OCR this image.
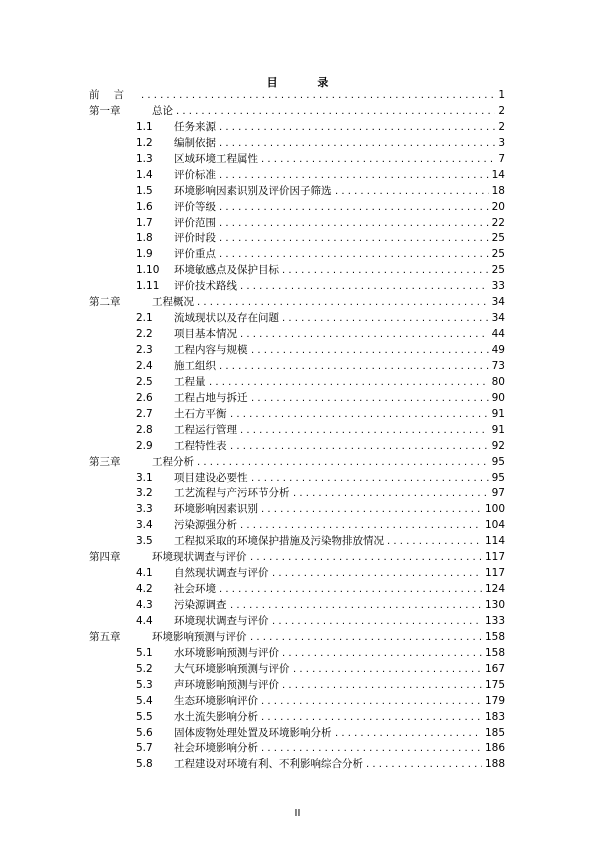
目 录
前言 . . .	1
第一章	总论 . . .	2
1.1 任务来源 . . .	2
1.2 编制依据 . . .	3
1.3 区域环境工程属性 . . .	7
1.4 评价标准 . . .	14
1.5 环境影响因素识别及评价因子筛选 . . .	18
1.6 评价等级 . . .	20
1.7 评价范围 . . .	22
1.8 评价时段 . . .	25
1.9 评价重点 . . .	25
1.10 环境敏感点及保护目标 . . .	25
1.11 评价技术路线 . . .	33
第二章	工程概况 . . .	34
2.1 流域现状以及存在问题 . . .	34
2.2 项目基本情况 . . .	44
2.3 工程内容与规模 . . .	49
2.4 施工组织 . . .	73
2.5 工程量 . . .	80
2.6 工程占地与拆迁 . . .	90
2.7 土石方平衡 . . .	91
2.8 工程运行管理 . . .	91
2.9 工程特性表 . . .	92
第三章	工程分析 . . .	95
3.1 项目建设必要性 . . .	95
3.2 工艺流程与产污环节分析 . . .	97
3.3 环境影响因素识别 . . .	100
3.4 污染源强分析 . . .	104
3.5 工程拟采取的环境保护措施及污染物排放情况 . . .	114
第四章	环境现状调查与评价 . . .	117
4.1 自然现状调查与评价 . . .	117
4.2 社会环境 . . .	124
4.3 污染源调查 . . .	130
4.4 环境现状调查与评价 . . .	133
第五章	环境影响预测与评价 . . .	158
5.1 水环境影响预测与评价 . . .	158
5.2 大气环境影响预测与评价 . . .	167
5.3 声环境影响预测与评价 . . .	175
5.4 生态环境影响评价 . . .	179
5.5 水土流失影响分析 . . .	183
5.6 固体废物处理处置及环境影响分析 . . .	185
5.7 社会环境影响分析 . . .	186
5.8 工程建设对环境有利、不利影响综合分析 . . .	188
II
